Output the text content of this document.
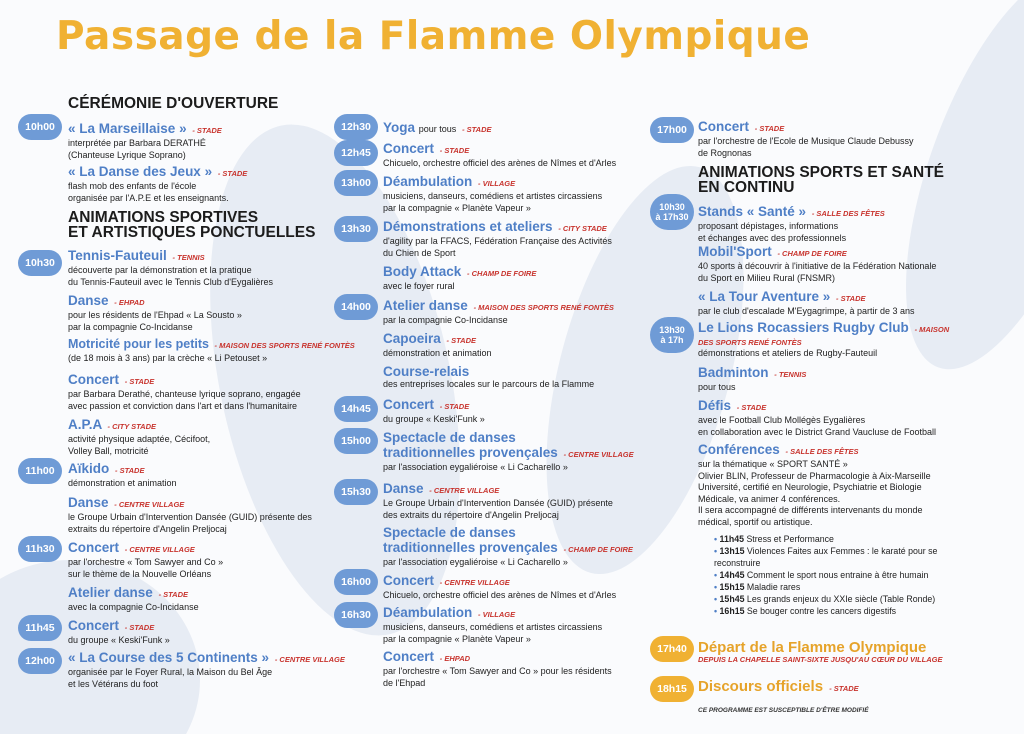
Passage de la Flamme Olympique
CÉRÉMONIE D'OUVERTURE
10h00 « La Marseillaise » - STADE
interprétée par Barbara DERATHÉ
(Chanteuse Lyrique Soprano)
« La Danse des Jeux » - STADE
flash mob des enfants de l'école
organisée par l'A.P.E et les enseignants.
ANIMATIONS SPORTIVES
ET ARTISTIQUES PONCTUELLES
10h30 Tennis-Fauteuil - TENNIS
découverte par la démonstration et la pratique
du Tennis-Fauteuil avec le Tennis Club d'Eygalières
Danse - EHPAD
pour les résidents de l'Ehpad « La Sousto »
par la compagnie Co-Incidanse
Motricité pour les petits - MAISON DES SPORTS RENÉ FONTÈS
(de 18 mois à 3 ans) par la crèche « Li Petouset »
Concert - STADE
par Barbara Derathé, chanteuse lyrique soprano, engagée
avec passion et conviction dans l'art et dans l'humanitaire
A.P.A - CITY STADE
activité physique adaptée, Cécifoot,
Volley Ball, motricité
11h00 Aïkido - STADE
démonstration et animation
Danse - CENTRE VILLAGE
le Groupe Urbain d'Intervention Dansée (GUID) présente des
extraits du répertoire d'Angelin Preljocaj
11h30 Concert - CENTRE VILLAGE
par l'orchestre « Tom Sawyer and Co »
sur le thème de la Nouvelle Orléans
Atelier danse - STADE
avec la compagnie Co-Incidanse
11h45 Concert - STADE
du groupe « Keski'Funk »
12h00 « La Course des 5 Continents » - CENTRE VILLAGE
organisée par le Foyer Rural, la Maison du Bel Âge
et les Vétérans du foot
12h30 Yoga pour tous - STADE
12h45 Concert - STADE
Chicuelo, orchestre officiel des arènes de Nîmes et d'Arles
13h00 Déambulation - VILLAGE
musiciens, danseurs, comédiens et artistes circassiens
par la compagnie « Planète Vapeur »
13h30 Démonstrations et ateliers - CITY STADE
d'agility par la FFACS, Fédération Française des Activités
du Chien de Sport
Body Attack - CHAMP DE FOIRE
avec le foyer rural
14h00 Atelier danse - MAISON DES SPORTS RENÉ FONTÈS
par la compagnie Co-Incidanse
Capoeira - STADE
démonstration et animation
Course-relais
des entreprises locales sur le parcours de la Flamme
14h45 Concert - STADE
du groupe « Keski'Funk »
15h00 Spectacle de danses
traditionnelles provençales - CENTRE VILLAGE
par l'association eygaliéroise « Li Cacharello »
15h30 Danse - CENTRE VILLAGE
Le Groupe Urbain d'Intervention Dansée (GUID) présente
des extraits du répertoire d'Angelin Preljocaj
Spectacle de danses
traditionnelles provençales - CHAMP DE FOIRE
par l'association eygaliéroise « Li Cacharello »
16h00 Concert - CENTRE VILLAGE
Chicuelo, orchestre officiel des arènes de Nîmes et d'Arles
16h30 Déambulation - VILLAGE
musiciens, danseurs, comédiens et artistes circassiens
par la compagnie « Planète Vapeur »
Concert - EHPAD
par l'orchestre « Tom Sawyer and Co » pour les résidents
de l'Ehpad
17h00 Concert - STADE
par l'orchestre de l'Ecole de Musique Claude Debussy
de Rognonas
ANIMATIONS SPORTS ET SANTÉ
EN CONTINU
10h30
à 17h30 Stands « Santé » - SALLE DES FÊTES
proposant dépistages, informations
et échanges avec des professionnels
Mobil'Sport - CHAMP DE FOIRE
40 sports à découvrir à l'initiative de la Fédération Nationale
du Sport en Milieu Rural (FNSMR)
« La Tour Aventure » - STADE
par le club d'escalade M'Eygagrimpe, à partir de 3 ans
13h30
à 17h
Le Lions Rocassiers Rugby Club - MAISON
DES SPORTS RENÉ FONTÈS
démonstrations et ateliers de Rugby-Fauteuil
Badminton - TENNIS
pour tous
Défis - STADE
avec le Football Club Mollégès Eygalières
en collaboration avec le District Grand Vaucluse de Football
Conférences - SALLE DES FÊTES
sur la thématique « SPORT SANTÉ »
Olivier BLIN, Professeur de Pharmacologie à Aix-Marseille
Université, certifié en Neurologie, Psychiatrie et Biologie
Médicale, va animer 4 conférences.
Il sera accompagné de différents intervenants du monde
médical, sportif ou artistique.
• 11h45 Stress et Performance
• 13h15 Violences Faites aux Femmes : le karaté pour se
reconstruire
• 14h45 Comment le sport nous entraine à être humain
• 15h15 Maladie rares
• 15h45 Les grands enjeux du XXIe siècle (Table Ronde)
• 16h15 Se bouger contre les cancers digestifs
17h40 Départ de la Flamme Olympique
DEPUIS LA CHAPELLE SAINT-SIXTE JUSQU'AU CŒUR DU VILLAGE
18h15 Discours officiels - STADE
CE PROGRAMME EST SUSCEPTIBLE D'ÊTRE MODIFIÉ
